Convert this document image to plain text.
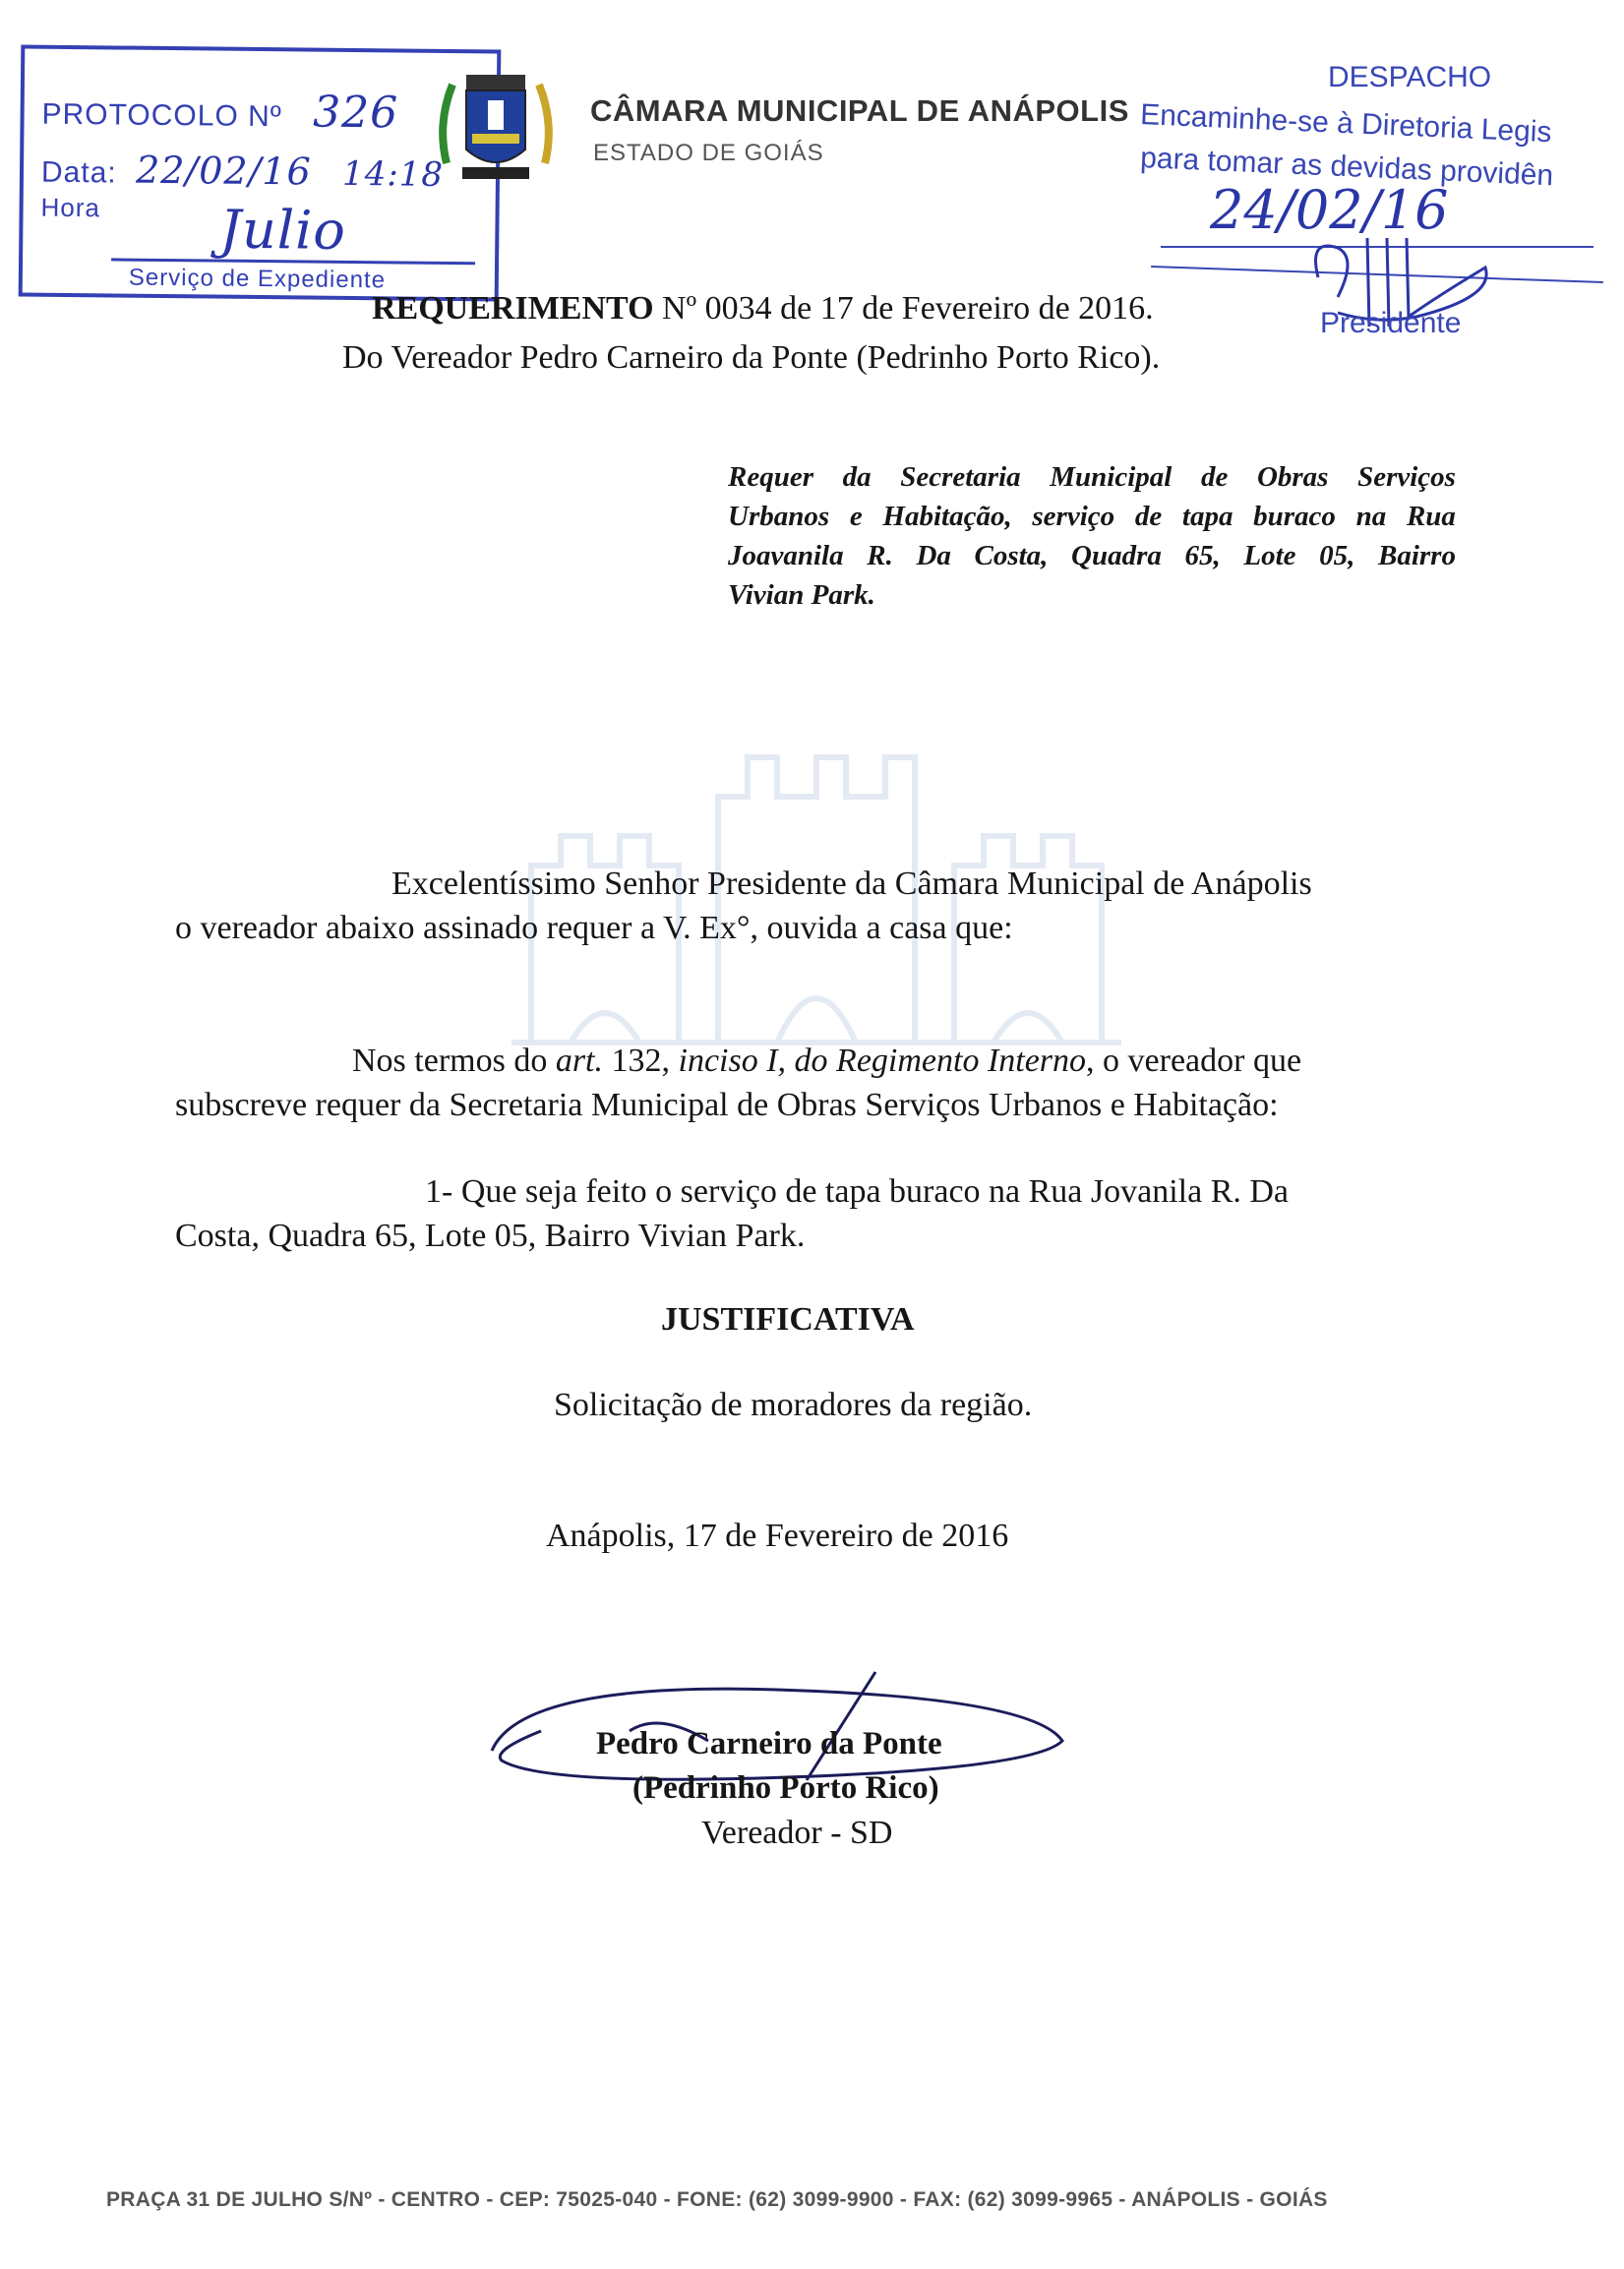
PROTOCOLO Nº 326
Data: 22/02/16 14:18 Hora	Julio
Serviço de Expediente
CÂMARA MUNICIPAL DE ANÁPOLIS
ESTADO DE GOIÁS
DESPACHO
Encaminhe-se à Diretoria Legis
para tomar as devidas providên
24/02/16
Presidente
REQUERIMENTO Nº 0034 de 17 de Fevereiro de 2016.
Do Vereador Pedro Carneiro da Ponte (Pedrinho Porto Rico).
Requer da Secretaria Municipal de Obras Serviços
Urbanos e Habitação, serviço de tapa buraco na Rua
Joavanila R. Da Costa, Quadra 65, Lote 05, Bairro
Vivian Park.
Excelentíssimo Senhor Presidente da Câmara Municipal de Anápolis
o vereador abaixo assinado requer a V. Ex°, ouvida a casa que:
Nos termos do art. 132, inciso I, do Regimento Interno, o vereador que
subscreve requer da Secretaria Municipal de Obras Serviços Urbanos e Habitação:
1- Que seja feito o serviço de tapa buraco na Rua Jovanila R. Da
Costa, Quadra 65, Lote 05, Bairro Vivian Park.
JUSTIFICATIVA
Solicitação de moradores da região.
Anápolis, 17 de Fevereiro de 2016
Pedro Carneiro da Ponte
(Pedrinho Porto Rico)
Vereador - SD
PRAÇA 31 DE JULHO S/Nº - CENTRO - CEP: 75025-040 - FONE: (62) 3099-9900 - FAX: (62) 3099-9965 - ANÁPOLIS - GOIÁS
